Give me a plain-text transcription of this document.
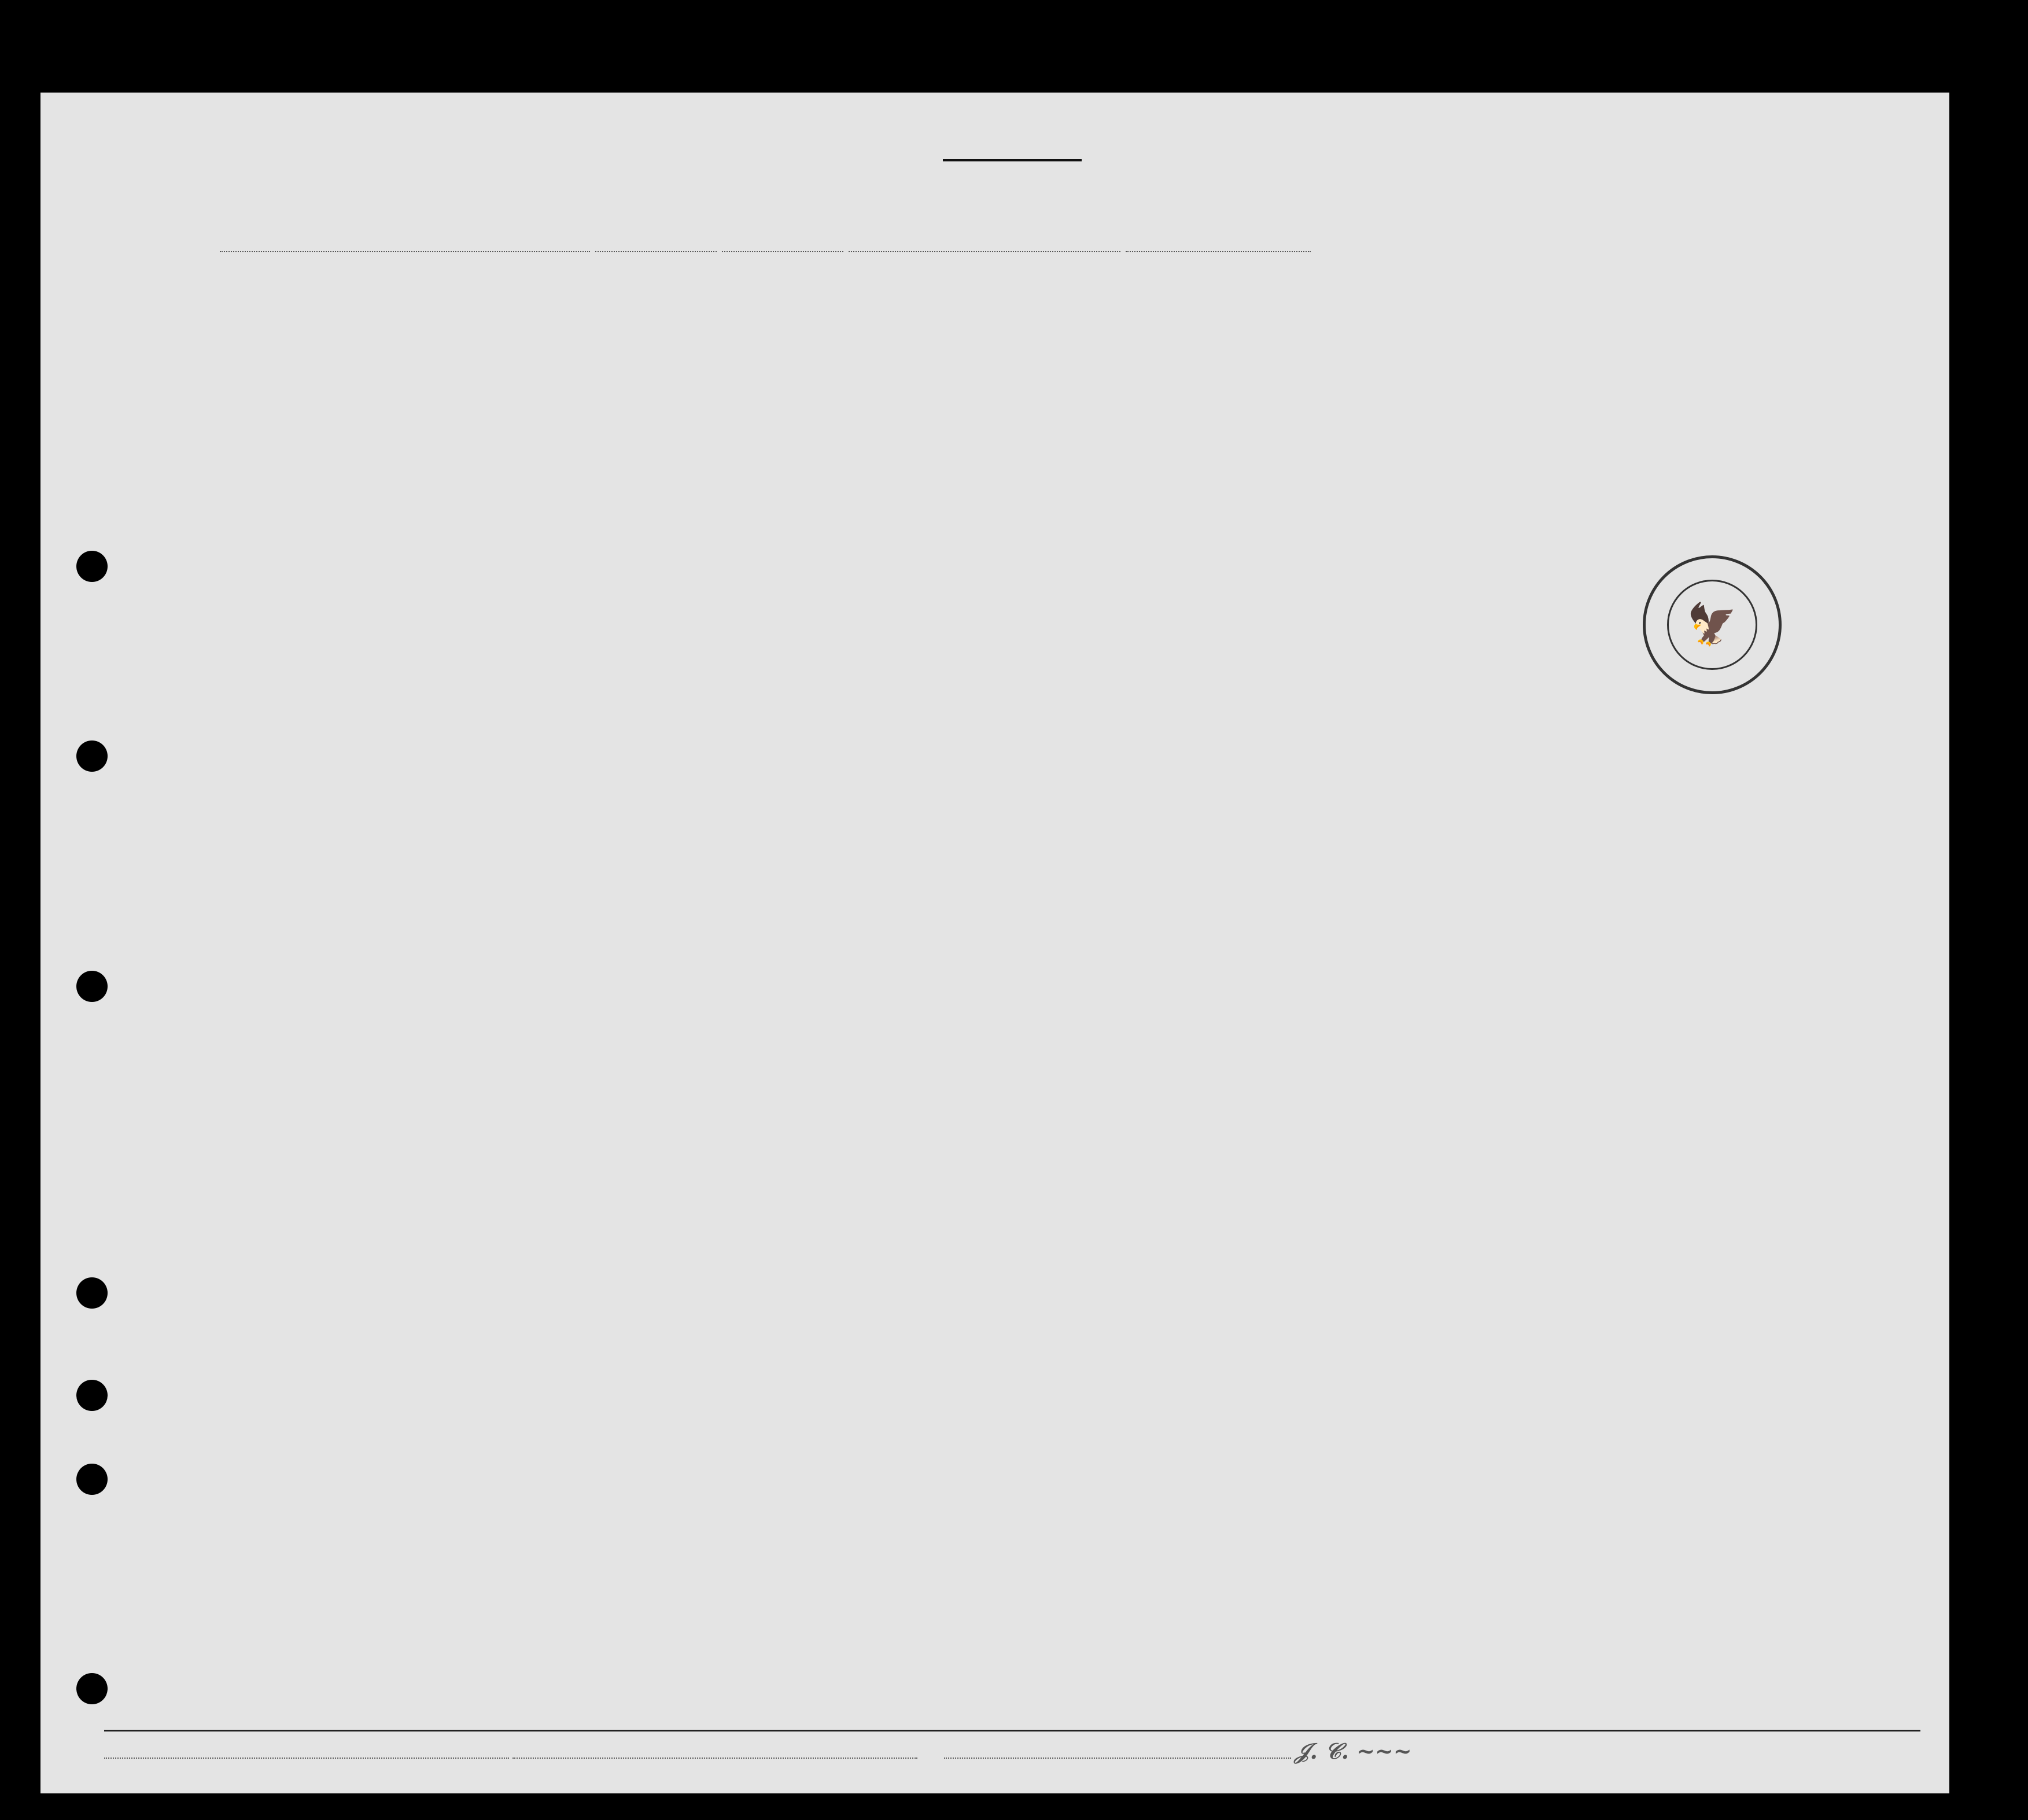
🦅
𝒥. 𝒞. ~~~
